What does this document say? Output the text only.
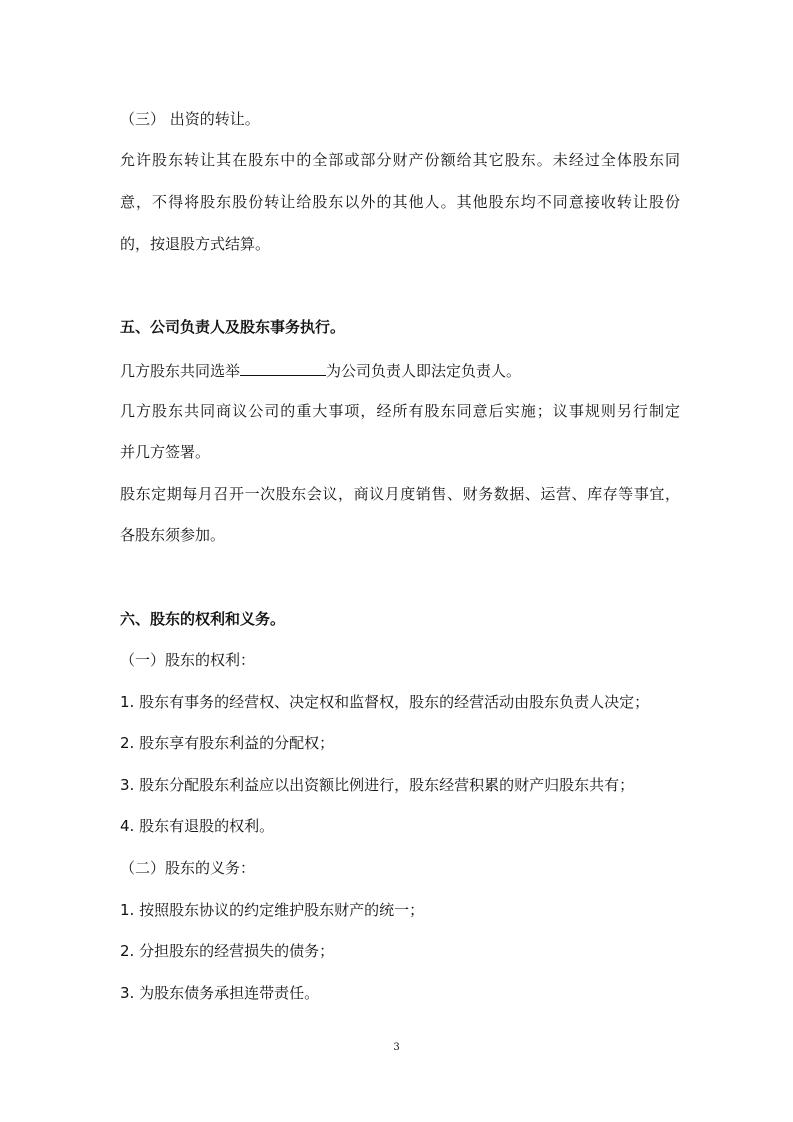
（三） 出资的转让。
允许股东转让其在股东中的全部或部分财产份额给其它股东。未经过全体股东同
意，不得将股东股份转让给股东以外的其他人。其他股东均不同意接收转让股份
的，按退股方式结算。
五、公司负责人及股东事务执行。
几方股东共同选举	为公司负责人即法定负责人。
几方股东共同商议公司的重大事项，经所有股东同意后实施；议事规则另行制定
并几方签署。
股东定期每月召开一次股东会议，商议月度销售、财务数据、运营、库存等事宜，
各股东须参加。
六、股东的权利和义务。
（一）股东的权利：
1. 股东有事务的经营权、决定权和监督权，股东的经营活动由股东负责人决定；
2. 股东享有股东利益的分配权；
3. 股东分配股东利益应以出资额比例进行，股东经营积累的财产归股东共有；
4. 股东有退股的权利。
（二）股东的义务：
1. 按照股东协议的约定维护股东财产的统一；
2. 分担股东的经营损失的债务；
3. 为股东债务承担连带责任。
3
